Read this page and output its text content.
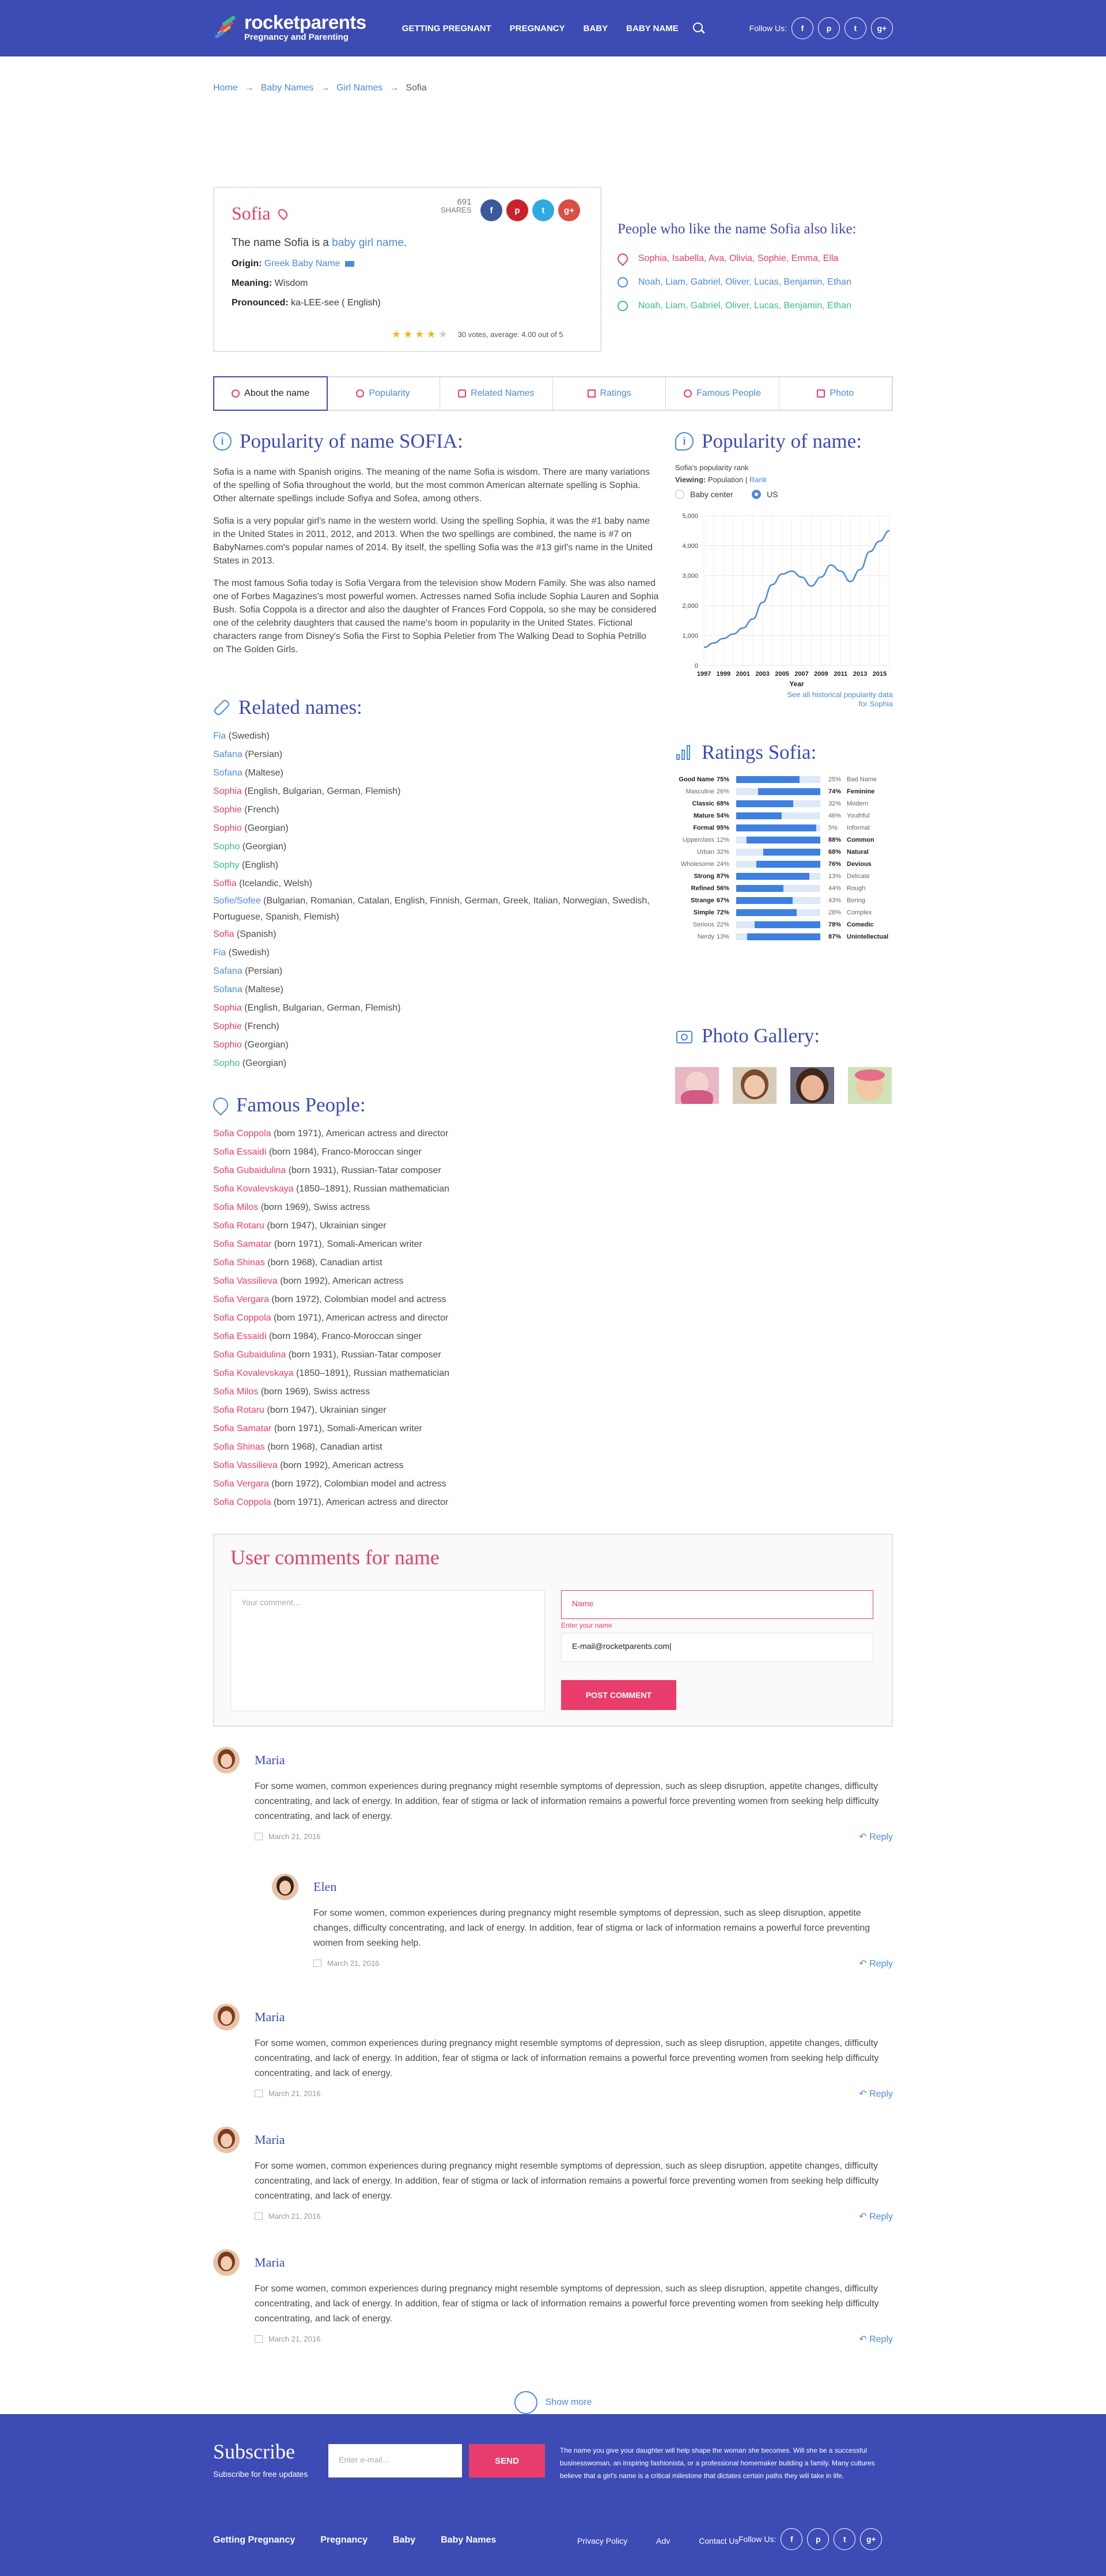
rocketparents
Pregnancy and Parenting
GETTING PREGNANT PREGNANCY BABY BABY NAME	Follow Us:	f	p	t	g+
Home → Baby Names → Girl Names → Sofia
Sofia
691
SHARES	f	p	t	g+
The name Sofia is a baby girl name.
Origin: Greek Baby Name
Meaning: Wisdom
Pronounced: ka-LEE-see ( English)
★ ★ ★ ★ ★ 30 votes, average: 4.00 out of 5
People who like the name Sofia also like:
Sophia, Isabella, Ava, Olivia, Sophie, Emma, Ella
Noah, Liam, Gabriel, Oliver, Lucas, Benjamin, Ethan
Noah, Liam, Gabriel, Oliver, Lucas, Benjamin, Ethan
About the name	Popularity	Related Names	Ratings	Famous People	Photo
i Popularity of name SOFIA:

Sofia is a name with Spanish origins. The meaning of the name Sofia is wisdom. There are many variations of the spelling of Sofia throughout the world, but the most common American alternate spelling is Sophia. Other alternate spellings include Sofiya and Sofea, among others.

Sofia is a very popular girl's name in the western world. Using the spelling Sophia, it was the #1 baby name in the United States in 2011, 2012, and 2013. When the two spellings are combined, the name is #7 on BabyNames.com's popular names of 2014. By itself, the spelling Sofia was the #13 girl's name in the United States in 2013.

The most famous Sofia today is Sofia Vergara from the television show Modern Family. She was also named one of Forbes Magazines's most powerful women. Actresses named Sofia include Sophia Lauren and Sophia Bush. Sofia Coppola is a director and also the daughter of Frances Ford Coppola, so she may be considered one of the celebrity daughters that caused the name's boom in popularity in the United States. Fictional characters range from Disney's Sofia the First to Sophia Peletier from The Walking Dead to Sophia Petrillo on The Golden Girls.

Related names:
Fia (Swedish)
Safana (Persian)
Sofana (Maltese)
Sophia (English, Bulgarian, German, Flemish)
Sophie (French)
Sophio (Georgian)
Sopho (Georgian)
Sophy (English)
Soffia (Icelandic, Welsh)
Sofie/Sofee (Bulgarian, Romanian, Catalan, English, Finnish, German, Greek, Italian, Norwegian, Swedish, Portuguese, Spanish, Flemish)
Sofia (Spanish)
Fia (Swedish)
Safana (Persian)
Sofana (Maltese)
Sophia (English, Bulgarian, German, Flemish)
Sophie (French)
Sophio (Georgian)
Sopho (Georgian)
Famous People:
Sofia Coppola (born 1971), American actress and director
Sofia Essaidi (born 1984), Franco-Moroccan singer
Sofia Gubaidulina (born 1931), Russian-Tatar composer
Sofia Kovalevskaya (1850–1891), Russian mathematician
Sofia Milos (born 1969), Swiss actress
Sofia Rotaru (born 1947), Ukrainian singer
Sofia Samatar (born 1971), Somali-American writer
Sofia Shinas (born 1968), Canadian artist
Sofia Vassilieva (born 1992), American actress
Sofia Vergara (born 1972), Colombian model and actress
Sofia Coppola (born 1971), American actress and director
Sofia Essaidi (born 1984), Franco-Moroccan singer
Sofia Gubaidulina (born 1931), Russian-Tatar composer
Sofia Kovalevskaya (1850–1891), Russian mathematician
Sofia Milos (born 1969), Swiss actress
Sofia Rotaru (born 1947), Ukrainian singer
Sofia Samatar (born 1971), Somali-American writer
Sofia Shinas (born 1968), Canadian artist
Sofia Vassilieva (born 1992), American actress
Sofia Vergara (born 1972), Colombian model and actress
Sofia Coppola (born 1971), American actress and director
i Popularity of name:
Sofia's popularity rank
Viewing: Population | Rank
Baby center
	US
0
1,000
2,000
3,000
4,000
5,000
1997 1999 2001 2003 2005 2007 2009 2011 2013 2015
Year
See all historical popularity data
for Sophia
Ratings Sofia:
Good Name 75%	25% Bad Name
Masculine 26%	74% Feminine
Classic 68%	32% Modern
Mature 54%	46% Youthful
Formal 95%	5%	Informal
Upperclass 12%	88% Common
Urban 32%	68% Natural
Wholesome 24%	76% Devious
Strong 87%	13% Delicate
Refined 56%	44% Rough
Strange 67%	43% Boring
Simple 72%	28% Complex
Serious 22%	78% Comedic
Nerdy 13%	87% Unintellectual
Photo Gallery:
User comments for name
Your comment...	Name
Enter your name
E-mail@rocketparents.com|
POST COMMENT
Maria
For some women, common experiences during pregnancy might resemble symptoms of depression, such as sleep disruption, appetite changes, difficulty concentrating, and lack of energy. In addition, fear of stigma or lack of information remains a powerful force preventing women from seeking help difficulty concentrating, and lack of energy.
March 21, 2016	↶ Reply
Elen
For some women, common experiences during pregnancy might resemble symptoms of depression, such as sleep disruption, appetite changes, difficulty concentrating, and lack of energy. In addition, fear of stigma or lack of information remains a powerful force preventing women from seeking help.
March 21, 2016	↶ Reply
Maria
For some women, common experiences during pregnancy might resemble symptoms of depression, such as sleep disruption, appetite changes, difficulty concentrating, and lack of energy. In addition, fear of stigma or lack of information remains a powerful force preventing women from seeking help difficulty concentrating, and lack of energy.
March 21, 2016	↶ Reply
Maria
For some women, common experiences during pregnancy might resemble symptoms of depression, such as sleep disruption, appetite changes, difficulty concentrating, and lack of energy. In addition, fear of stigma or lack of information remains a powerful force preventing women from seeking help difficulty concentrating, and lack of energy.
March 21, 2016	↶ Reply
Maria
For some women, common experiences during pregnancy might resemble symptoms of depression, such as sleep disruption, appetite changes, difficulty concentrating, and lack of energy. In addition, fear of stigma or lack of information remains a powerful force preventing women from seeking help difficulty concentrating, and lack of energy.
March 21, 2016	↶ Reply
Show more
Subscribe

Subscribe for free updates

Enter e-mail...	SEND
The name you give your daughter will help shape the woman she becomes. Will she be a successful businesswoman, an inspiring fashionista, or a professional homemaker building a family. Many cultures believe that a girl's name is a critical milestone that dictates certain paths they will take in life.
Getting Pregnancy	Pregnancy	Baby	Baby Names	Privacy Policy	Adv	Contact Us Follow Us:	f	p	t	g+
